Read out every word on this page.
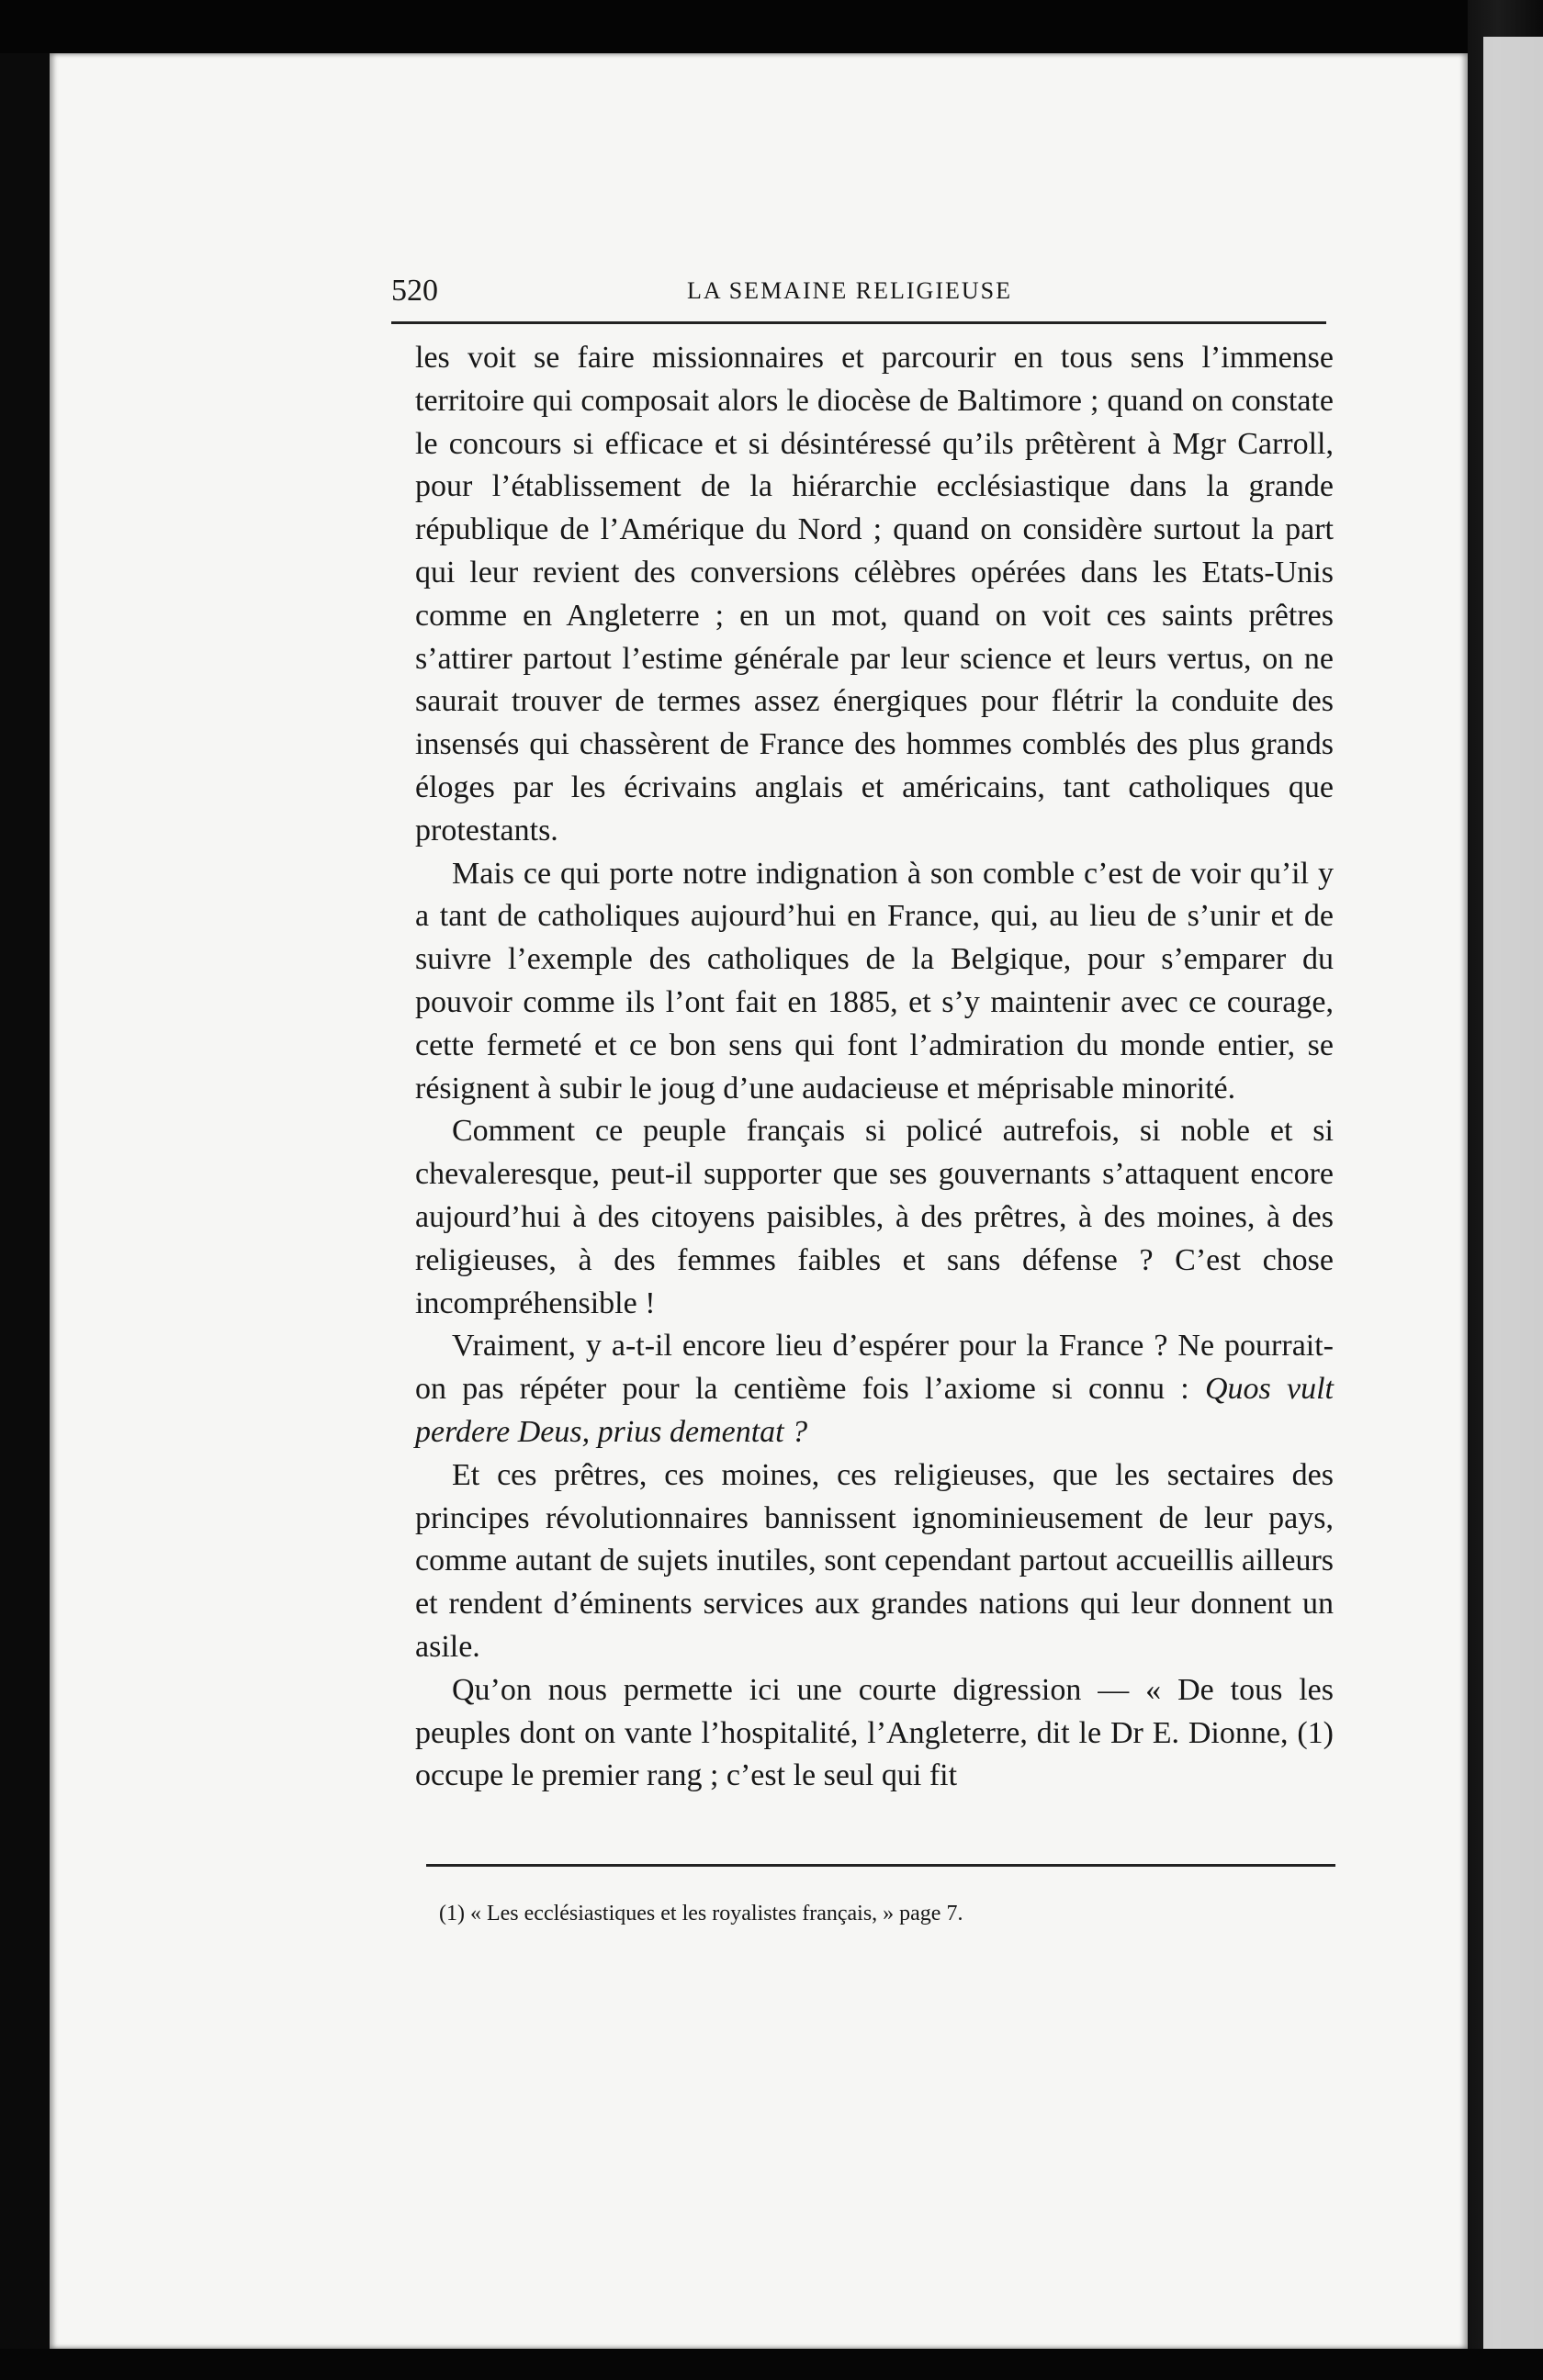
520	LA SEMAINE RELIGIEUSE

les voit se faire missionnaires et parcourir en tous sens l’immense territoire qui composait alors le diocèse de Baltimore ; quand on constate le concours si efficace et si désintéressé qu’ils prêtèrent à Mgr Carroll, pour l’établissement de la hiérarchie ecclésiastique dans la grande république de l’Amérique du Nord ; quand on considère surtout la part qui leur revient des conversions célèbres opérées dans les Etats-Unis comme en Angleterre ; en un mot, quand on voit ces saints prêtres s’attirer partout l’estime générale par leur science et leurs vertus, on ne saurait trouver de termes assez énergiques pour flétrir la conduite des insensés qui chassèrent de France des hommes comblés des plus grands éloges par les écrivains anglais et américains, tant catholiques que protestants.

Mais ce qui porte notre indignation à son comble c’est de voir qu’il y a tant de catholiques aujourd’hui en France, qui, au lieu de s’unir et de suivre l’exemple des catholiques de la Belgique, pour s’emparer du pouvoir comme ils l’ont fait en 1885, et s’y maintenir avec ce courage, cette fermeté et ce bon sens qui font l’admiration du monde entier, se résignent à subir le joug d’une audacieuse et méprisable minorité.

Comment ce peuple français si policé autrefois, si noble et si chevaleresque, peut-il supporter que ses gouvernants s’attaquent encore aujourd’hui à des citoyens paisibles, à des prêtres, à des moines, à des religieuses, à des femmes faibles et sans défense ? C’est chose incompréhensible !

Vraiment, y a-t-il encore lieu d’espérer pour la France ? Ne pourrait-on pas répéter pour la centième fois l’axiome si connu : Quos vult perdere Deus, prius dementat ?

Et ces prêtres, ces moines, ces religieuses, que les sectaires des principes révolutionnaires bannissent ignominieusement de leur pays, comme autant de sujets inutiles, sont cependant partout accueillis ailleurs et rendent d’éminents services aux grandes nations qui leur donnent un asile.

Qu’on nous permette ici une courte digression — « De tous les peuples dont on vante l’hospitalité, l’Angleterre, dit le Dr E. Dionne, (1) occupe le premier rang ; c’est le seul qui fit

(1) « Les ecclésiastiques et les royalistes français, » page 7.
